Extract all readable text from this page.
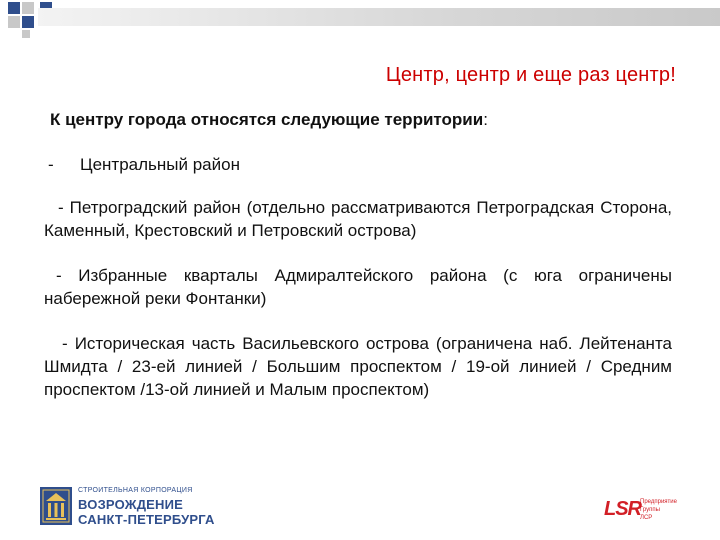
Центр, центр и еще раз центр!

К центру города относятся следующие территории:

- Центральный район

- Петроградский район (отдельно рассматриваются Петроградская Сторона, Каменный, Крестовский и Петровский острова)

- Избранные кварталы Адмиралтейского района (с юга ограничены набережной реки Фонтанки)

- Историческая часть Васильевского острова (ограничена наб. Лейтенанта Шмидта / 23-ей линией / Большим проспектом / 19-ой линией / Средним проспектом /13-ой линией и Малым проспектом)

СТРОИТЕЛЬНАЯ КОРПОРАЦИЯ
ВОЗРОЖДЕНИЕ
САНКТ-ПЕТЕРБУРГА	LSR Предприятие
Группы
ЛСР
